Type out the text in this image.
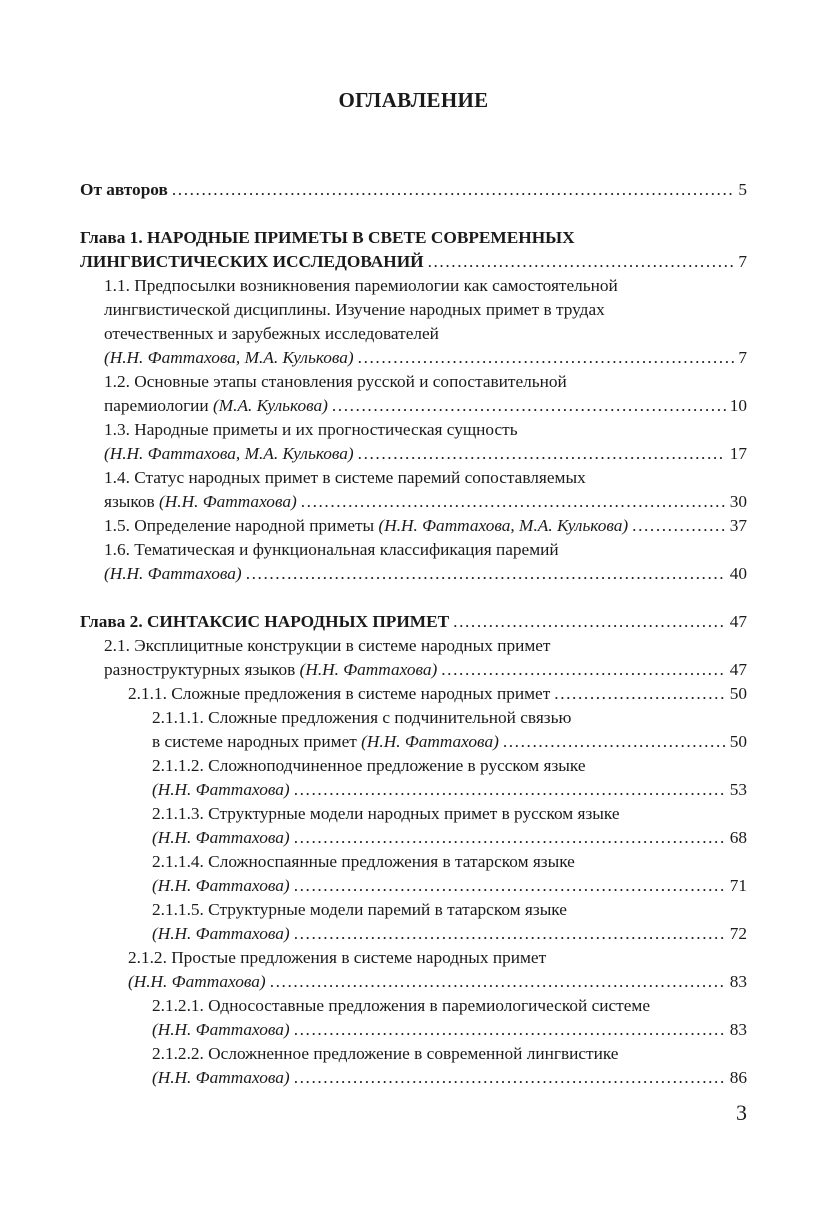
ОГЛАВЛЕНИЕ
От авторов .....	5
Глава 1. НАРОДНЫЕ ПРИМЕТЫ В СВЕТЕ СОВРЕМЕННЫХ
ЛИНГВИСТИЧЕСКИХ ИССЛЕДОВАНИЙ .....	7
1.1. Предпосылки возникновения паремиологии как самостоятельной
лингвистической дисциплины. Изучение народных примет в трудах
отечественных и зарубежных исследователей
(Н.Н. Фаттахова, М.А. Кулькова) .....	7
1.2. Основные этапы становления русской и сопоставительной
паремиологии (М.А. Кулькова) .....	10
1.3. Народные приметы и их прогностическая сущность
(Н.Н. Фаттахова, М.А. Кулькова) .....	17
1.4. Статус народных примет в системе паремий сопоставляемых
языков (Н.Н. Фаттахова) .....	30
1.5. Определение народной приметы (Н.Н. Фаттахова, М.А. Кулькова) .....	37
1.6. Тематическая и функциональная классификация паремий
(Н.Н. Фаттахова) .....	40
Глава 2. СИНТАКСИС НАРОДНЫХ ПРИМЕТ .....	47
2.1. Эксплицитные конструкции в системе народных примет
разноструктурных языков (Н.Н. Фаттахова) .....	47
2.1.1. Сложные предложения в системе народных примет .....	50
2.1.1.1. Сложные предложения с подчинительной связью
в системе народных примет (Н.Н. Фаттахова) .....	50
2.1.1.2. Сложноподчиненное предложение в русском языке
(Н.Н. Фаттахова) .....	53
2.1.1.3. Структурные модели народных примет в русском языке
(Н.Н. Фаттахова) .....	68
2.1.1.4. Сложноспаянные предложения в татарском языке
(Н.Н. Фаттахова) .....	71
2.1.1.5. Структурные модели паремий в татарском языке
(Н.Н. Фаттахова) .....	72
2.1.2. Простые предложения в системе народных примет
(Н.Н. Фаттахова) .....	83
2.1.2.1. Односоставные предложения в паремиологической системе
(Н.Н. Фаттахова) .....	83
2.1.2.2. Осложненное предложение в современной лингвистике
(Н.Н. Фаттахова) .....	86
3
